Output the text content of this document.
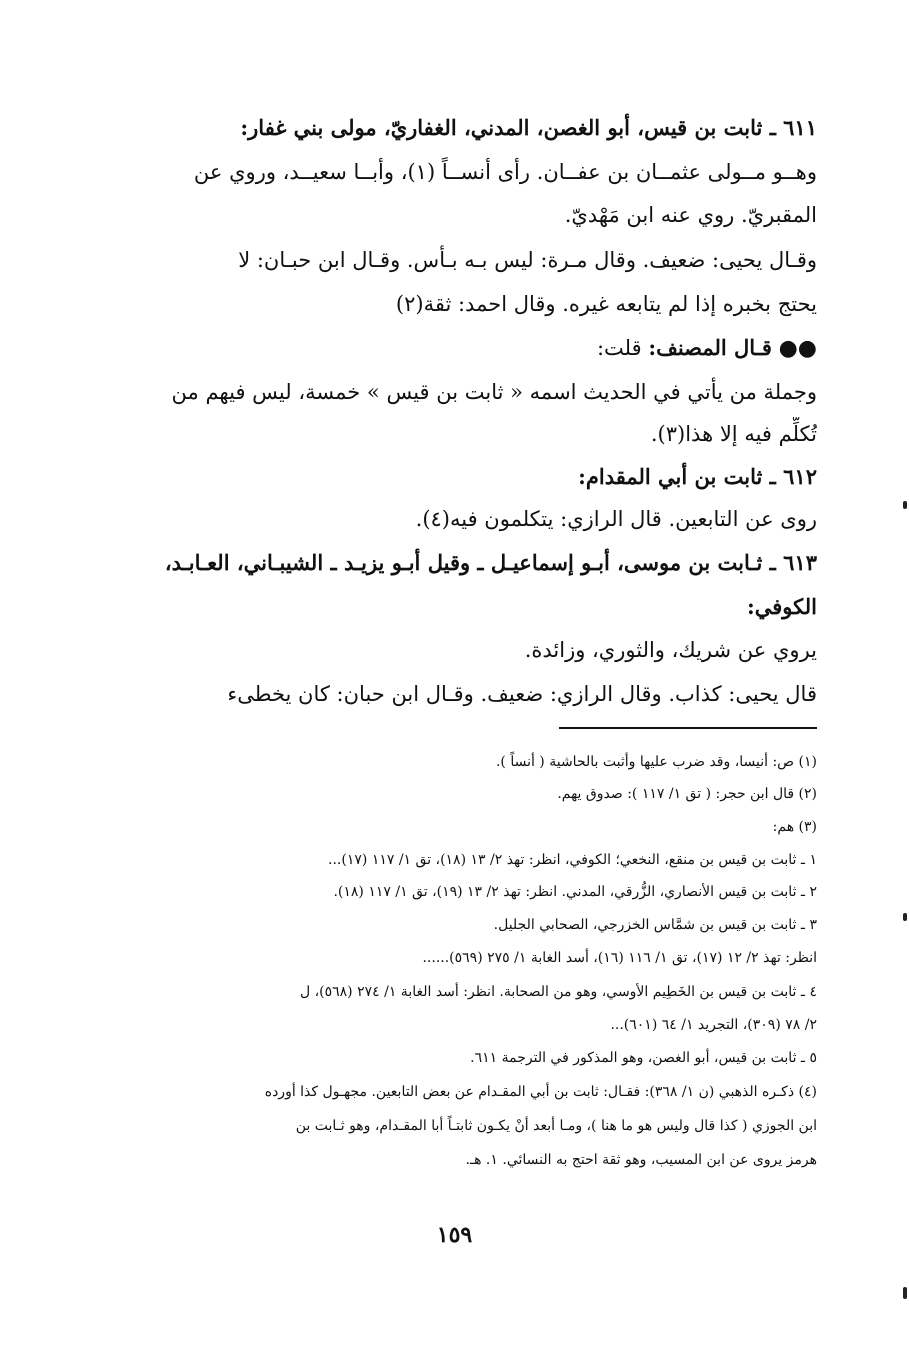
٦١١ ـ ثابت بن قيس، أبو الغصن، المدني، الغفاريّ، مولى بني غفار:
وهــو مــولى عثمــان بن عفــان. رأى أنســاً (١)، وأبــا سعيــد، وروي عن
المقبريّ. روي عنه ابن مَهْديّ.
وقـال يحيى: ضعيف. وقال مـرة: ليس بـه بـأس. وقـال ابن حبـان: لا
يحتج بخبره إذا لم يتابعه غيره. وقال احمد: ثقة(٢)
●● قـال المصنف: قلت:
وجملة من يأتي في الحديث اسمه « ثابت بن قيس » خمسة، ليس فيهم من
تُكلِّم فيه إلا هذا(٣).
٦١٢ ـ ثابت بن أبي المقدام:
روى عن التابعين. قال الرازي: يتكلمون فيه(٤).
٦١٣ ـ ثـابت بن موسى، أبـو إسماعيـل ـ وقيل أبـو يزيـد ـ الشيبـاني، العـابـد،
الكوفي:
يروي عن شريك، والثوري، وزائدة.
قال يحيى: كذاب. وقال الرازي: ضعيف. وقـال ابن حبان: كان يخطىء
(١) ص: أنيسا، وقد ضرب عليها وأثبت بالحاشية ( أنساً ).
(٢) قال ابن حجر: ( تق ١/ ١١٧ ): صدوق يهم.
(٣) هم:
١ ـ ثابت بن قيس بن منقع، النخعي؛ الكوفي، انظر: تهذ ٢/ ١٣ (١٨)، تق ١/ ١١٧ (١٧)...
٢ ـ ثابت بن قيس الأنصاري، الزُّرقي، المدني. انظر: تهذ ٢/ ١٣ (١٩)، تق ١/ ١١٧ (١٨).
٣ ـ ثابت بن قيس بن شمَّاس الخزرجي، الصحابي الجليل.
انظر: تهذ ٢/ ١٢ (١٧)، تق ١/ ١١٦ (١٦)، أسد الغابة ١/ ٢٧٥ (٥٦٩)......
٤ ـ ثابت بن قيس بن الخَطِيم الأوسي، وهو من الصحابة. انظر: أسد الغابة ١/ ٢٧٤ (٥٦٨)، ل
٢/ ٧٨ (٣٠٩)، التجريد ١/ ٦٤ (٦٠١)...
٥ ـ ثابت بن قيس، أبو الغصن، وهو المذكور في الترجمة ٦١١.
(٤) ذكـره الذهبي (ن ١/ ٣٦٨): فقـال: ثابت بن أبي المقـدام عن بعض التابعين. مجهـول كذا أورده
ابن الجوزي ( كذا قال وليس هو ما هنا )، ومـا أبعد أنْ يكـون ثابتـاً أبا المقـدام، وهو ثـابت بن
هرمز يروى عن ابن المسيب، وهو ثقة احتج به النسائي. ١. هـ.
١٥٩
